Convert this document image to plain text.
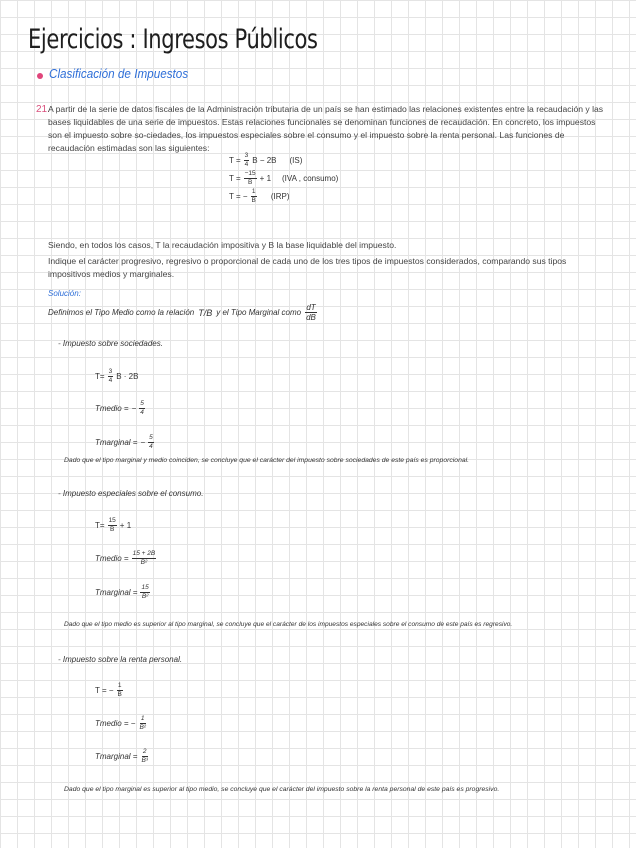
Ejercicios : Ingresos Públicos
Clasificación de Impuestos
21.
A partir de la serie de datos fiscales de la Administración tributaria de un país se han estimado las relaciones existentes entre la recaudación y las bases liquidables de una serie de impuestos. Estas relaciones funcionales se denominan funciones de recaudación. En concreto, los impuestos son el impuesto sobre so-ciedades, los impuestos especiales sobre el consumo y el impuesto sobre la renta personal. Las funciones de recaudación estimadas son las siguientes:
$T = \frac{3}{4}$ B − 2B (IS)
$T = \frac{-15}{B} + 1$ (IVA , consumo)
T = − $\frac{1}{B} (IRP)$
Siendo, en todos los casos, T la recaudación impositiva y B la base liquidable del impuesto.
Indique el carácter progresivo, regresivo o proporcional de cada uno de los tres tipos de impuestos considerados, comparando sus tipos impositivos medios y marginales.
Solución:
Definimos el Tipo Medio como la relación T/B y el Tipo Marginal como $\frac{dT}{dB}$
- Impuesto sobre sociedades.
$T= \frac{3}{4}$ B · 2B
Tmedio = − $\frac{5}{4}$
Tmarginal = − $\frac{5}{4}$
Dado que el tipo marginal y medio coinciden, se concluye que el carácter del impuesto sobre sociedades de este país es proporcional.
- Impuesto especiales sobre el consumo.
$T= \frac{15}{B} + 1$
Tmedio = $\frac{15 + 2B}{\text{B²}}$
Tmarginal = $\frac{15}{\text{B²}}$
Dado que el tipo medio es superior al tipo marginal, se concluye que el carácter de los impuestos especiales sobre el consumo de este país es regresivo.
- Impuesto sobre la renta personal.
T = − $\frac{1}{B}$
Tmedio = − $\frac{1}{\text{B²}}$
Tmarginal = $\frac{2}{\text{B³}}$
Dado que el tipo marginal es superior al tipo medio, se concluye que el carácter del impuesto sobre la renta personal de este país es progresivo.
